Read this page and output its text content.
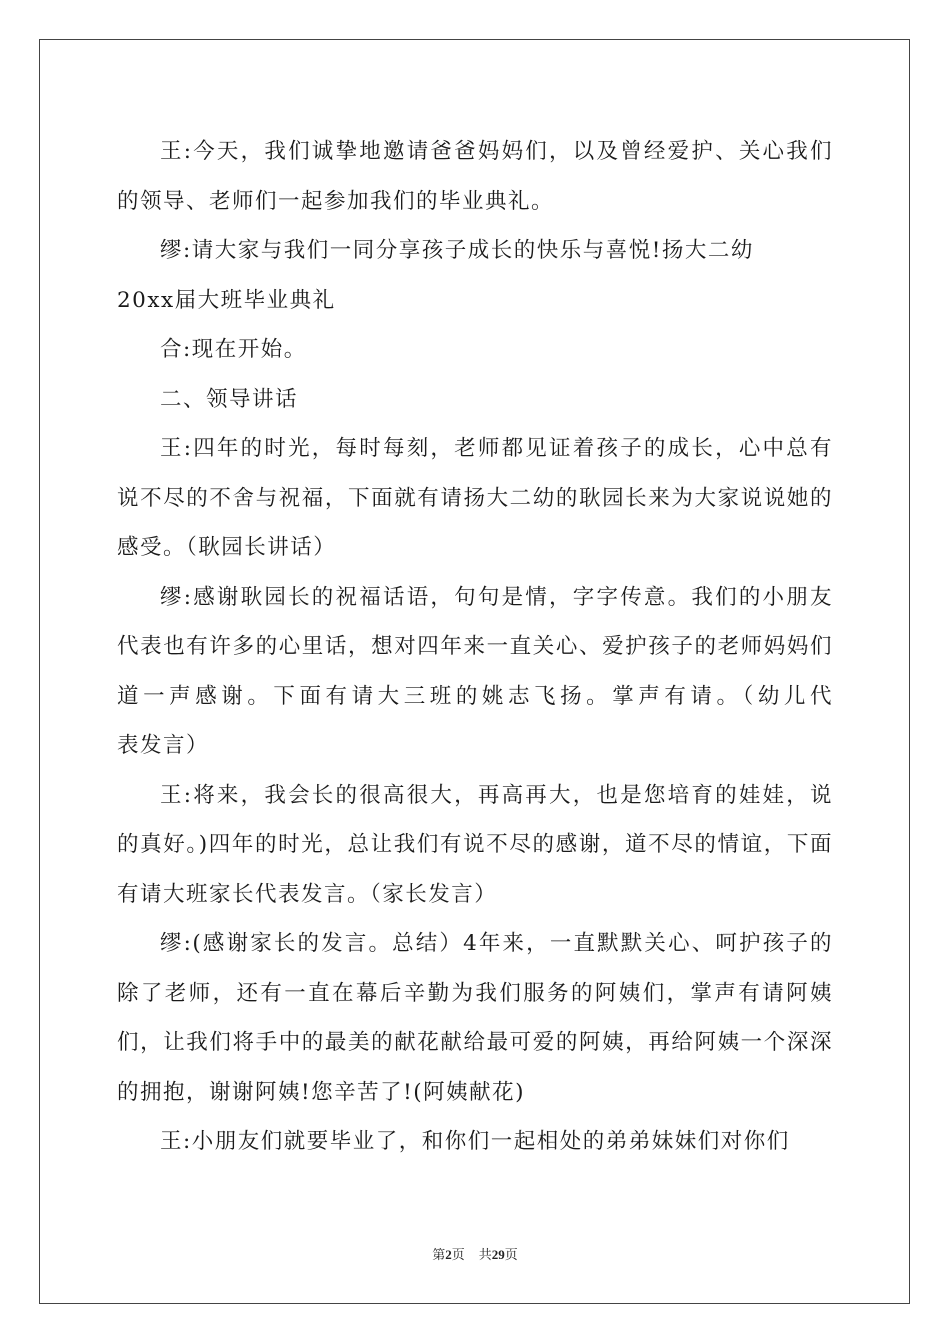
王:今天，我们诚挚地邀请爸爸妈妈们，以及曾经爱护、关心我们的领导、老师们一起参加我们的毕业典礼。

缪:请大家与我们一同分享孩子成长的快乐与喜悦!扬大二幼
20xx届大班毕业典礼

合:现在开始。

二、领导讲话

王:四年的时光，每时每刻，老师都见证着孩子的成长，心中总有说不尽的不舍与祝福，下面就有请扬大二幼的耿园长来为大家说说她的感受。（耿园长讲话）

缪:感谢耿园长的祝福话语，句句是情，字字传意。我们的小朋友代表也有许多的心里话，想对四年来一直关心、爱护孩子的老师妈妈们道一声感谢。下面有请大三班的姚志飞扬。掌声有请。（幼儿代表发言）

王:将来，我会长的很高很大，再高再大，也是您培育的娃娃，说的真好。)四年的时光，总让我们有说不尽的感谢，道不尽的情谊，下面有请大班家长代表发言。（家长发言）

缪:(感谢家长的发言。总结）4年来，一直默默关心、呵护孩子的除了老师，还有一直在幕后辛勤为我们服务的阿姨们，掌声有请阿姨们，让我们将手中的最美的献花献给最可爱的阿姨，再给阿姨一个深深的拥抱，谢谢阿姨!您辛苦了!(阿姨献花)

王:小朋友们就要毕业了，和你们一起相处的弟弟妹妹们对你们

第2页 共29页
